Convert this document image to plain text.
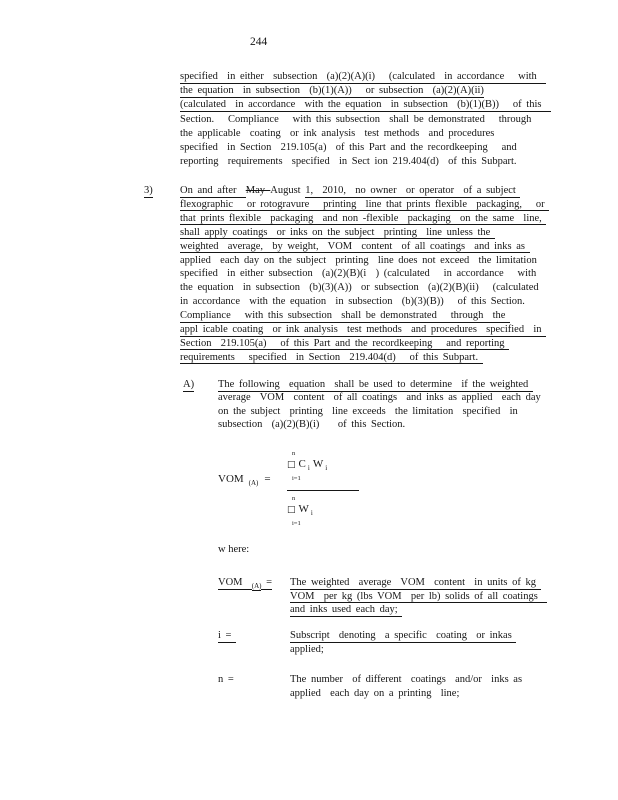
244
specified  in either  subsection  (a)(2)(A)(i)   (calculated  in accordance   with
the equation  in subsection  (b)(1)(A))   or subsection  (a)(2)(A)(ii)
(calculated  in accordance  with the equation  in subsection  (b)(1)(B))   of this
Section.   Compliance   with this subsection  shall be demonstrated   through
the applicable  coating  or ink analysis  test methods  and procedures
specified  in Section  219.105(a)  of this Part and the recordkeeping   and
reporting  requirements  specified  in Sect ion 219.404(d)  of this Subpart.
3)	On and after  May–August 1,  2010,  no owner  or operator  of a subject
flexographic   or rotogravure   printing  line that prints flexible  packaging,   or
that prints flexible  packaging  and non -flexible  packaging  on the same  line,
shall apply coatings  or inks on the subject  printing  line unless the
weighted  average,  by weight,  VOM  content  of all coatings  and inks as
applied  each day on the subject  printing  line does not exceed  the limitation
specified  in either subsection  (a)(2)(B)(i  ) (calculated   in accordance   with
the equation  in subsection  (b)(3)(A))  or subsection  (a)(2)(B)(ii)   (calculated
in accordance  with the equation  in subsection  (b)(3)(B))   of this Section.
Compliance   with this subsection  shall be demonstrated   through  the
appl icable coating  or ink analysis  test methods  and procedures  specified  in
Section  219.105(a)   of this Part and the recordkeeping   and reporting
requirements   specified  in Section  219.404(d)   of this Subpart.
A) The following  equation  shall be used to determine  if the weighted
average  VOM  content  of all coatings  and inks as applied  each day
on the subject  printing  line exceeds  the limitation  specified  in
subsection  (a)(2)(B)(i)    of this Section.
VOM $_{(A)}$ =
n
□ C $_i$ W $_i$
i=1
n
□ W $_i$
i=1
w here:
VOM  $_{(A)}$ = The weighted  average  VOM  content  in units of kg
VOM  per kg (lbs VOM  per lb) solids of all coatings
and inks used each day;
i =	Subscript  denoting  a specific  coating  or inkas
applied;
n =	The number  of different  coatings  and/or  inks as
applied  each day on a printing  line;
